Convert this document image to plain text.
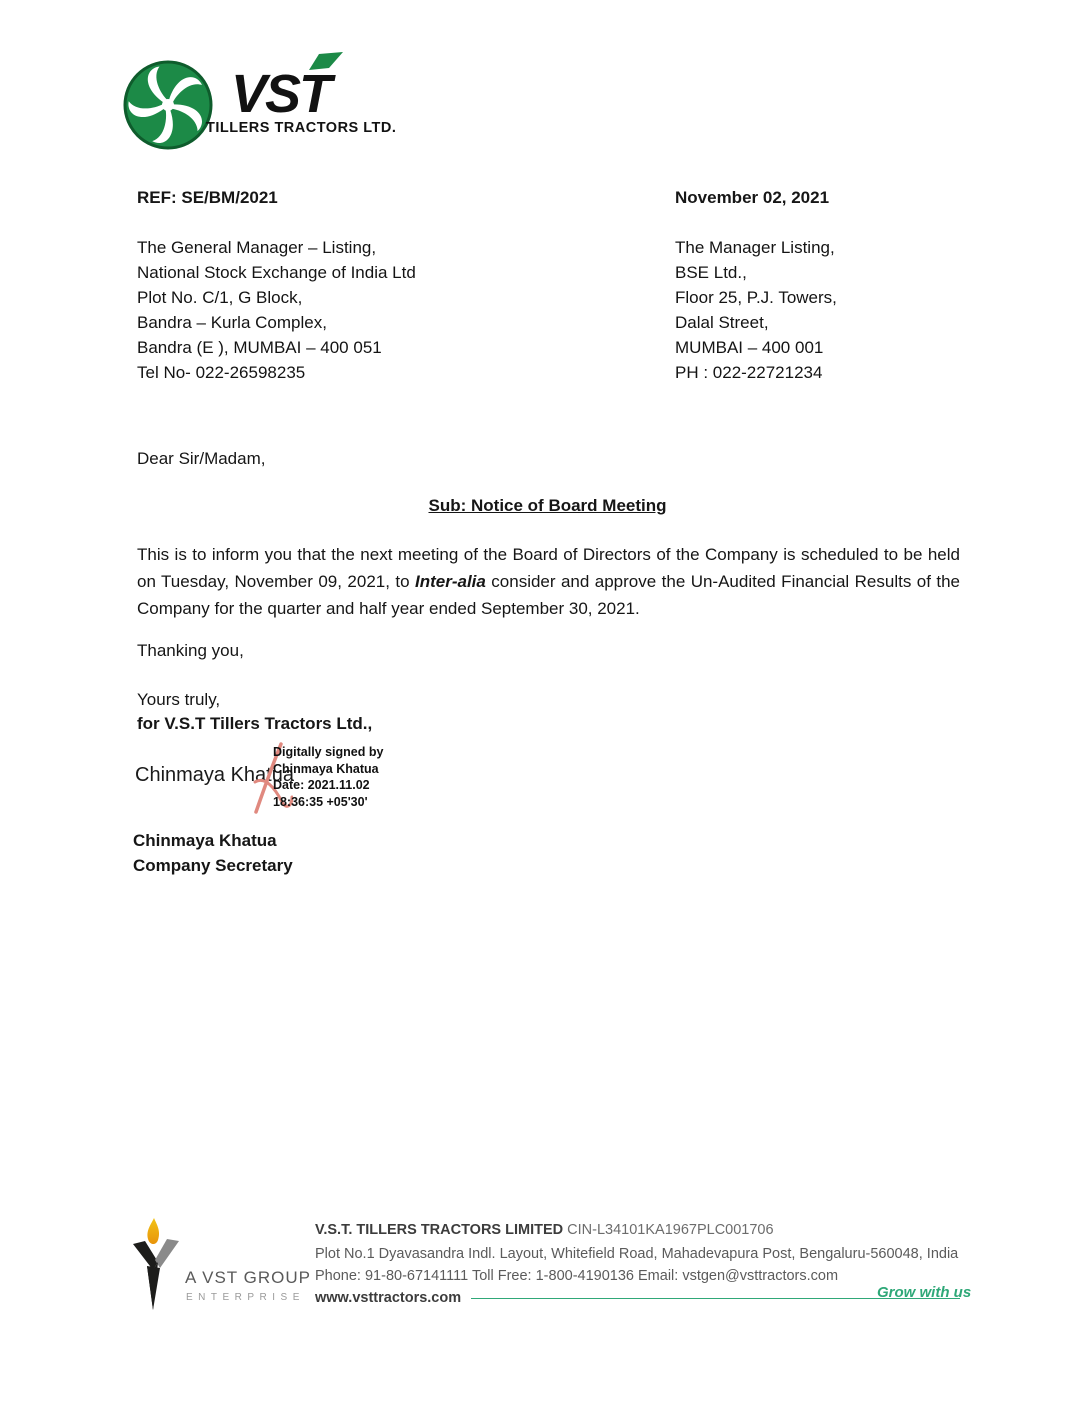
VST
TILLERS TRACTORS LTD.
REF: SE/BM/2021	November 02, 2021
The General Manager – Listing,
National Stock Exchange of India Ltd
Plot No. C/1, G Block,
Bandra – Kurla Complex,
Bandra (E ), MUMBAI – 400 051
Tel No- 022-26598235
The Manager Listing,
BSE Ltd.,
Floor 25, P.J. Towers,
Dalal Street,
MUMBAI – 400 001
PH : 022-22721234
Dear Sir/Madam,
Sub: Notice of Board Meeting

This is to inform you that the next meeting of the Board of Directors of the Company is scheduled to be held on Tuesday, November 09, 2021, to Inter-alia consider and approve the Un-Audited Financial Results of the Company for the quarter and half year ended September 30, 2021.

Thanking you,
Yours truly,
for V.S.T Tillers Tractors Ltd.,
Chinmaya Khatua
Digitally signed by
Chinmaya Khatua
Date: 2021.11.02
18:36:35 +05'30'
Chinmaya Khatua
Company Secretary
A VST GROUP
ENTERPRISE
V.S.T. TILLERS TRACTORS LIMITED CIN-L34101KA1967PLC001706
Plot No.1 Dyavasandra Indl. Layout, Whitefield Road, Mahadevapura Post, Bengaluru-560048, India
Phone: 91-80-67141111 Toll Free: 1-800-4190136 Email: vstgen@vsttractors.com
www.vsttractors.com	Grow with us
